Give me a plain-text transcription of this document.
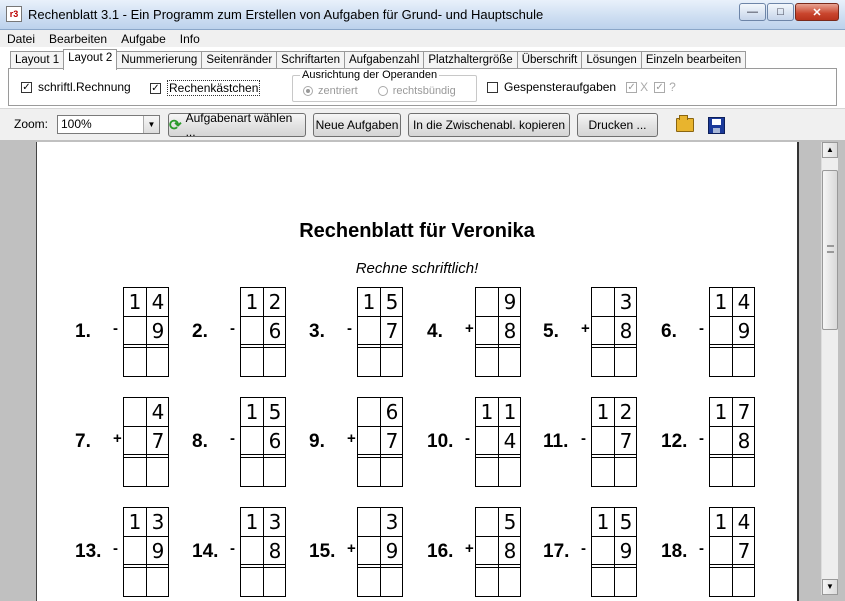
r3 Rechenblatt 3.1 - Ein Programm zum Erstellen von Aufgaben für Grund- und Hauptschule	— □	✕
Datei	Bearbeiten	Aufgabe	Info
Layout 1 Layout 2 Nummerierung Seitenränder Schriftarten Aufgabenzahl Platzhaltergröße Überschrift Lösungen Einzeln bearbeiten
✓ schriftl.Rechnung ✓ Rechenkästchen
Ausrichtung der Operanden
zentriert	rechtsbündig	Gespensteraufgaben ✓ X ✓ ?
Zoom:	100%	▼ ⟳ Aufgabenart wählen ...	Neue Aufgaben In die Zwischenabl. kopieren Drucken ...
Rechenblatt für Veronika
Rechne schriftlich!
1. -
1 4
9 2. -
1 2
6 3. -
1 5
7 4. +
9
8 5. +
3
8 6. -
1 4
9
7. +
4
7 8. -
1 5
6 9. +
6
7 10. -
1 1
4 11. -
1 2
7 12. -
1 7
8
13. -
1 3
9 14. -
1 3
8 15. +
3
9 16. +
5
8 17. -
1 5
9 18. -
1 4
7
▲
▼
